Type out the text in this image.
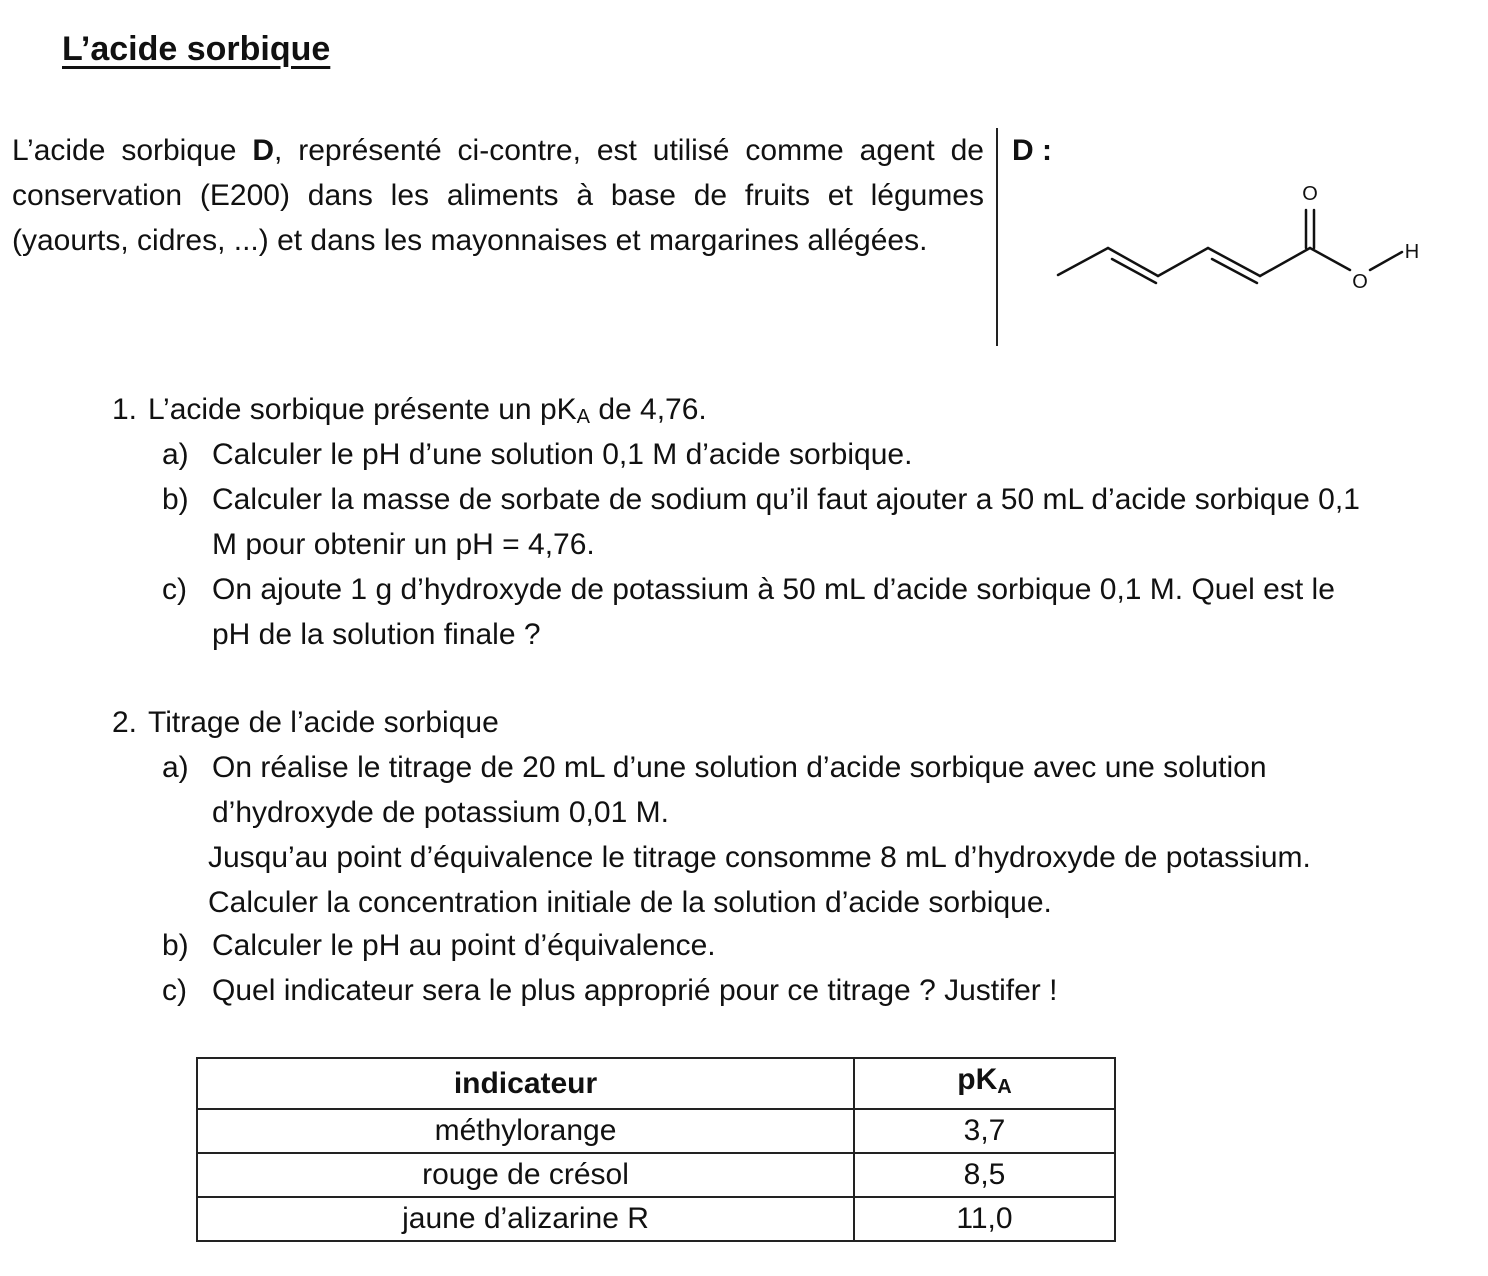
L’acide sorbique
L’acide sorbique D, représenté ci-contre, est utilisé comme agent de conservation (E200) dans les aliments à base de fruits et légumes (yaourts, cidres, ...) et dans les mayonnaises et margarines allégées.
D :
O
O
H
1. L’acide sorbique présente un $pK_A$ de 4,76.
a) Calculer le pH d’une solution 0,1 M d’acide sorbique.
b) Calculer la masse de sorbate de sodium qu’il faut ajouter a 50 mL d’acide sorbique 0,1
M pour obtenir un pH = 4,76.
c) On ajoute 1 g d’hydroxyde de potassium à 50 mL d’acide sorbique 0,1 M. Quel est le
pH de la solution finale ?
2. Titrage de l’acide sorbique
a) On réalise le titrage de 20 mL d’une solution d’acide sorbique avec une solution
d’hydroxyde de potassium 0,01 M.
Jusqu’au point d’équivalence le titrage consomme 8 mL d’hydroxyde de potassium.
Calculer la concentration initiale de la solution d’acide sorbique.
b) Calculer le pH au point d’équivalence.
c) Quel indicateur sera le plus approprié pour ce titrage ? Justifer !
indicateur	$pK_A$
méthylorange	3,7
rouge de crésol	8,5
jaune d’alizarine R	11,0
